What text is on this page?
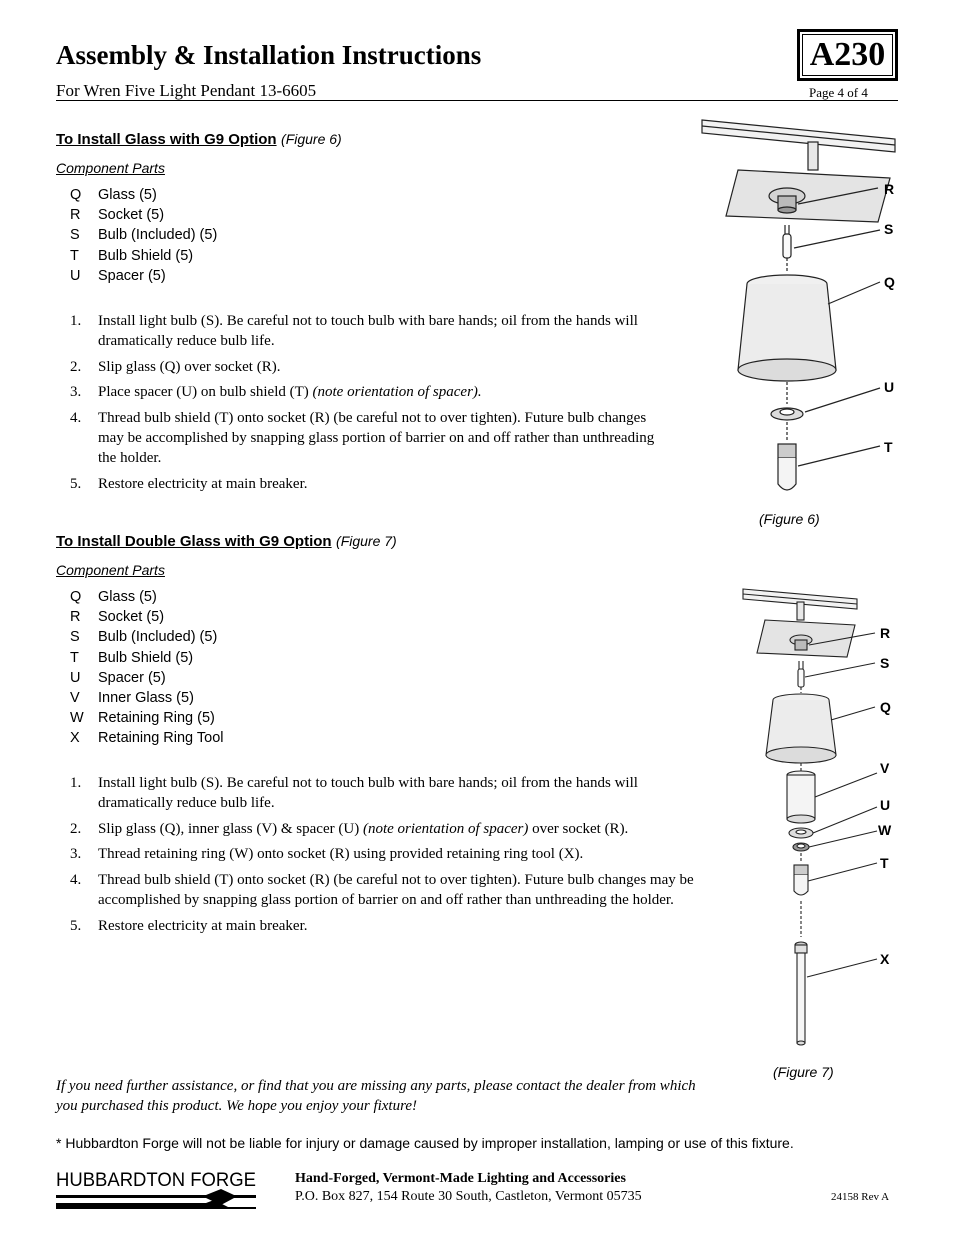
Assembly & Installation Instructions
For Wren Five Light Pendant 13-6605	Page 4 of 4
A230
To Install Glass with G9 Option (Figure 6)
Component Parts
Q Glass (5)
R Socket (5)
S Bulb (Included) (5)
T Bulb Shield (5)
U Spacer (5)
1. Install light bulb (S). Be careful not to touch bulb with bare hands; oil from the hands will dramatically reduce bulb life.
2. Slip glass (Q) over socket (R).
3. Place spacer (U) on bulb shield (T) (note orientation of spacer).
4. Thread bulb shield (T) onto socket (R) (be careful not to over tighten). Future bulb changes may be accomplished by snapping glass portion of barrier on and off rather than unthreading the holder.
5. Restore electricity at main breaker.
R
S
Q
U
T
(Figure 6)
To Install Double Glass with G9 Option (Figure 7)
Component Parts
Q Glass (5)
R Socket (5)
S Bulb (Included) (5)
T Bulb Shield (5)
U Spacer (5)
V Inner Glass (5)
W Retaining Ring (5)
X Retaining Ring Tool
1. Install light bulb (S). Be careful not to touch bulb with bare hands; oil from the hands will dramatically reduce bulb life.
2. Slip glass (Q), inner glass (V) & spacer (U) (note orientation of spacer) over socket (R).
3. Thread retaining ring (W) onto socket (R) using provided retaining ring tool (X).
4. Thread bulb shield (T) onto socket (R) (be careful not to over tighten). Future bulb changes may be accomplished by snapping glass portion of barrier on and off rather than unthreading the holder.
5. Restore electricity at main breaker.
R
S
Q
V
U
W
T
X
(Figure 7)
If you need further assistance, or find that you are missing any parts, please contact the dealer from which you purchased this product. We hope you enjoy your fixture!
* Hubbardton Forge will not be liable for injury or damage caused by improper installation, lamping or use of this fixture.
HUBBARDTON FORGE	Hand-Forged, Vermont-Made Lighting and Accessories
P.O. Box 827, 154 Route 30 South, Castleton, Vermont 05735	24158 Rev A
